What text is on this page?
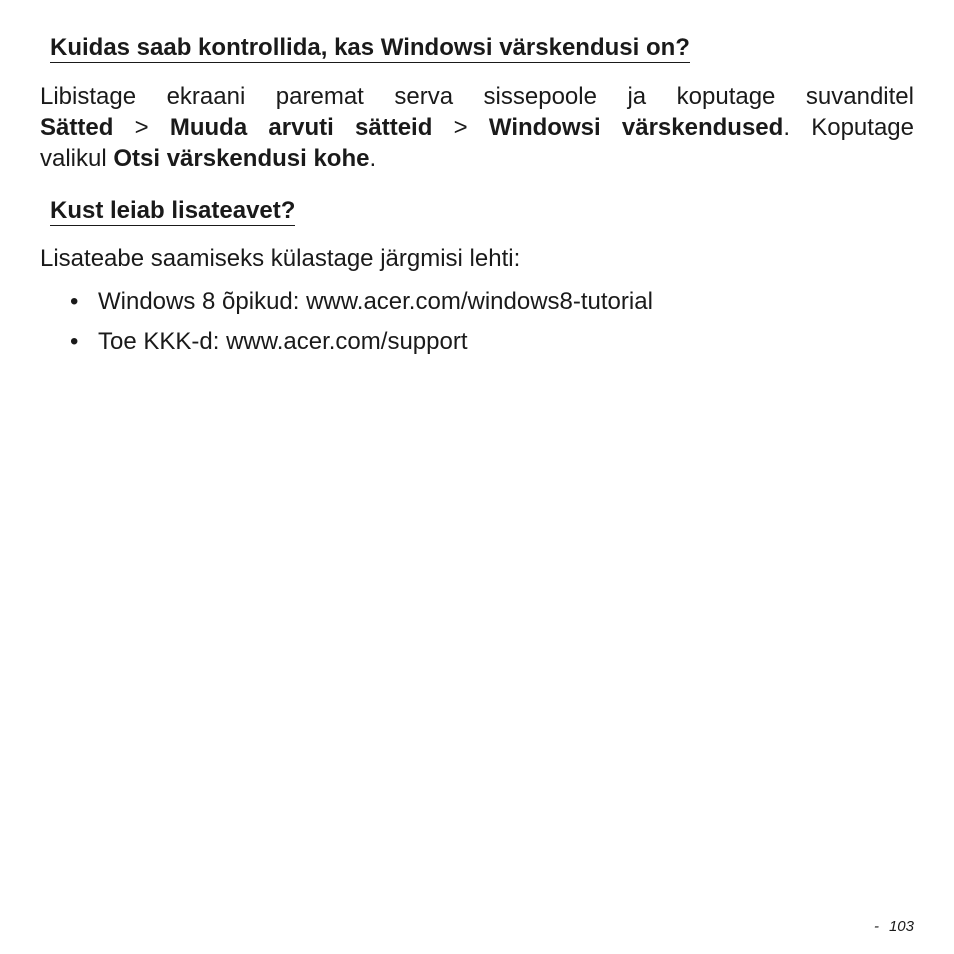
Kuidas saab kontrollida, kas Windowsi värskendusi on?

Libistage ekraani paremat serva sissepoole ja koputage suvanditel
Sätted > Muuda arvuti sätteid > Windowsi värskendused. Koputage
valikul Otsi värskendusi kohe.

Kust leiab lisateavet?

Lisateabe saamiseks külastage järgmisi lehti:

• Windows 8 õpikud: www.acer.com/windows8-tutorial
• Toe KKK-d: www.acer.com/support
- 103
